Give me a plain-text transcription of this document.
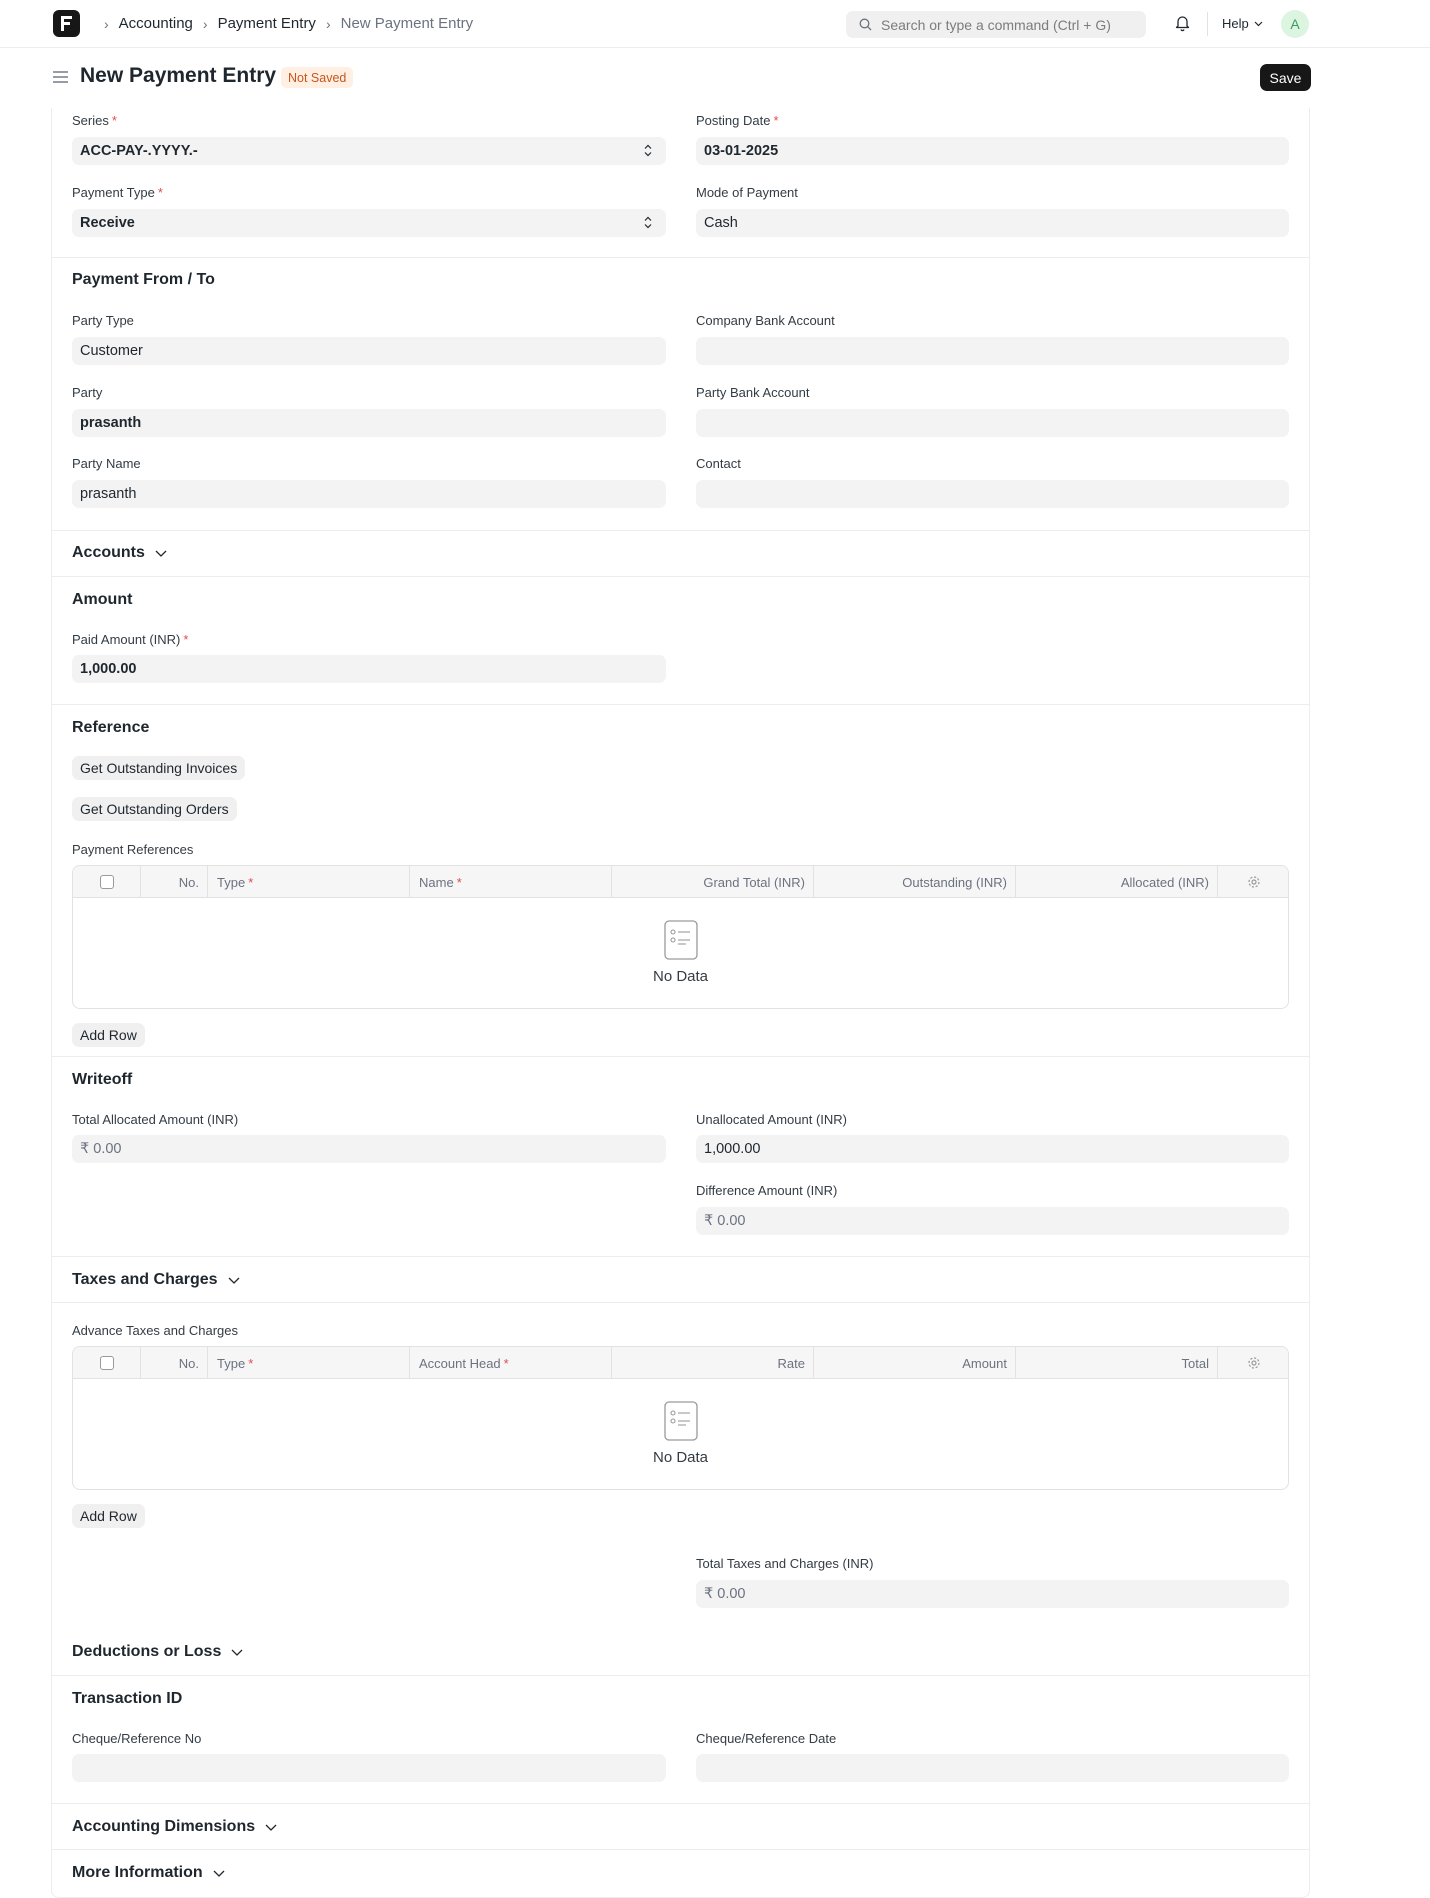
› Accounting › Payment Entry › New Payment Entry	Search or type a command (Ctrl + G)	Help	A
New Payment Entry Not Saved	Save
Series *
ACC-PAY-.YYYY.-
Posting Date *
03-01-2025
Payment Type *
Receive
Mode of Payment
Cash
Payment From / To
Party Type
Customer
Company Bank Account
Party
prasanth
Party Bank Account
Party Name
prasanth
Contact
Accounts
Amount
Paid Amount (INR) *
1,000.00
Reference
Get Outstanding Invoices
Get Outstanding Orders
Payment References
No.	Type *	Name *	Grand Total (INR)	Outstanding (INR)	Allocated (INR)
No Data
Add Row
Writeoff
Total Allocated Amount (INR)
₹ 0.00
Unallocated Amount (INR)
1,000.00
Difference Amount (INR)
₹ 0.00
Taxes and Charges
Advance Taxes and Charges
No.	Type *	Account Head *	Rate	Amount	Total
No Data
Add Row
Total Taxes and Charges (INR)
₹ 0.00
Deductions or Loss
Transaction ID
Cheque/Reference No	Cheque/Reference Date
Accounting Dimensions
More Information
